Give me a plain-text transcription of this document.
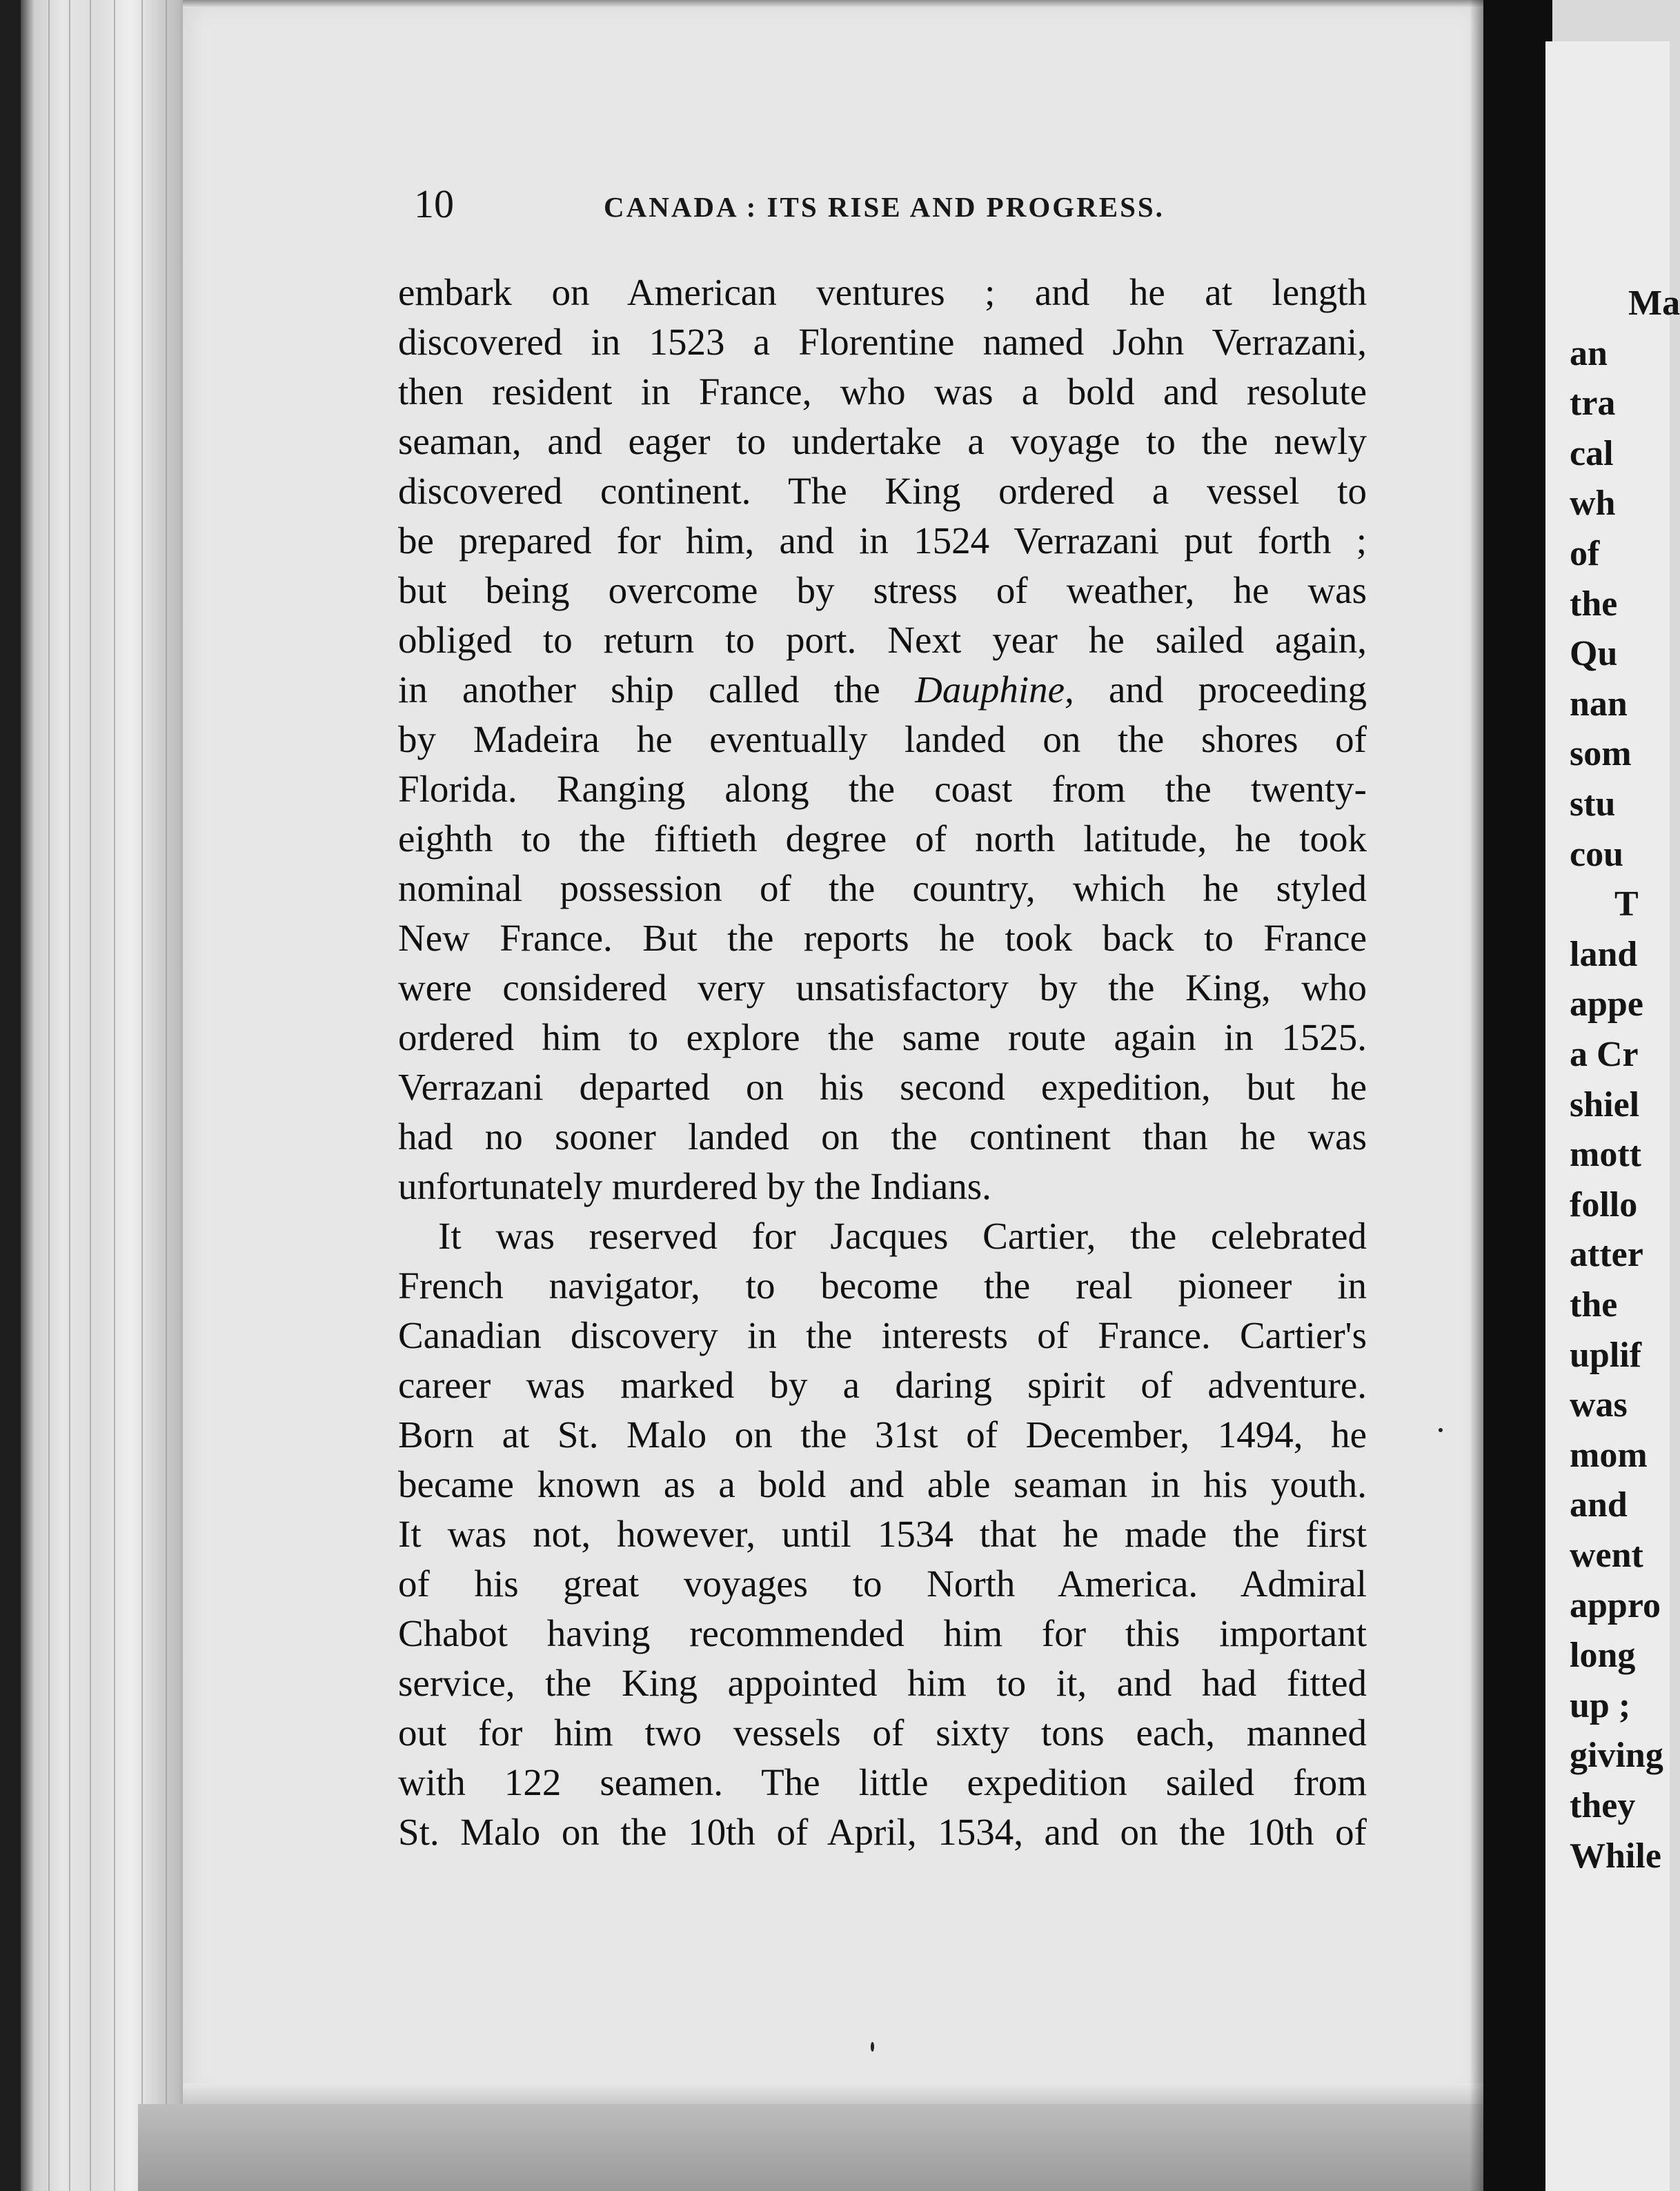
10	CANADA : ITS RISE AND PROGRESS.
embark on American ventures ; and he at length
discovered in 1523 a Florentine named John Verrazani,
then resident in France, who was a bold and resolute
seaman, and eager to undertake a voyage to the newly
discovered continent. The King ordered a vessel to
be prepared for him, and in 1524 Verrazani put forth ;
but being overcome by stress of weather, he was
obliged to return to port. Next year he sailed again,
in another ship called the Dauphine, and proceeding
by Madeira he eventually landed on the shores of
Florida. Ranging along the coast from the twenty-
eighth to the fiftieth degree of north latitude, he took
nominal possession of the country, which he styled
New France. But the reports he took back to France
were considered very unsatisfactory by the King, who
ordered him to explore the same route again in 1525.
Verrazani departed on his second expedition, but he
had no sooner landed on the continent than he was
unfortunately murdered by the Indians.
It was reserved for Jacques Cartier, the celebrated
French navigator, to become the real pioneer in
Canadian discovery in the interests of France. Cartier's
career was marked by a daring spirit of adventure.
Born at St. Malo on the 31st of December, 1494, he
became known as a bold and able seaman in his youth.
It was not, however, until 1534 that he made the first
of his great voyages to North America. Admiral
Chabot having recommended him for this important
service, the King appointed him to it, and had fitted
out for him two vessels of sixty tons each, manned
with 122 seamen. The little expedition sailed from
St. Malo on the 10th of April, 1534, and on the 10th of
Ma
an
tra
cal
wh
of
the
Qu
nan
som
stu
cou
T
land
appe
a Cr
shiel
mott
follo
atter
the
uplif
was
mom
and
went
appro
long
up ;
giving
they
While
